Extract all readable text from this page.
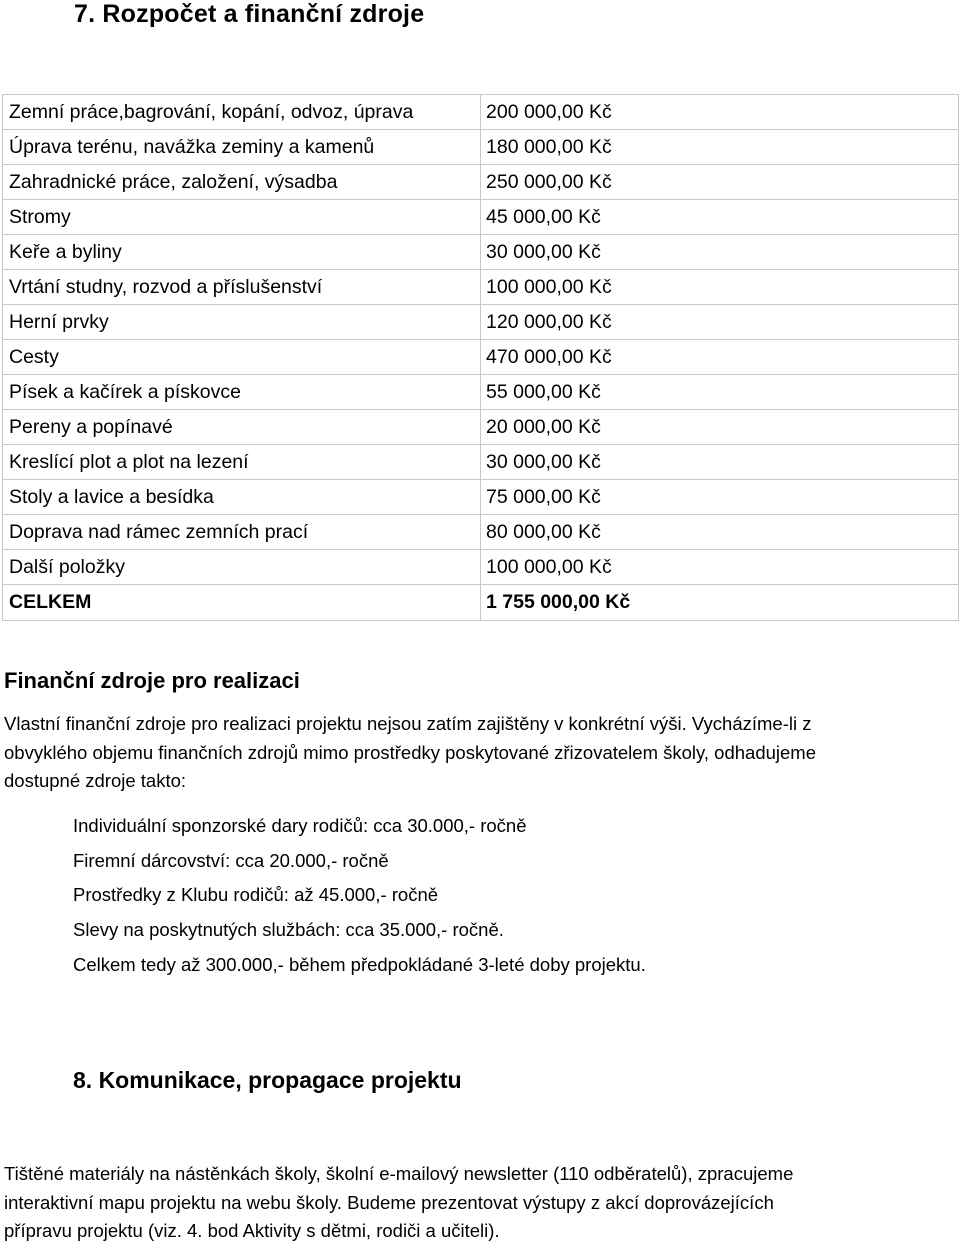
7. Rozpočet a finanční zdroje
Zemní práce,bagrování, kopání, odvoz, úprava	200 000,00 Kč
Úprava terénu, navážka zeminy a kamenů	180 000,00 Kč
Zahradnické práce, založení, výsadba	250 000,00 Kč
Stromy	45 000,00 Kč
Keře a byliny	30 000,00 Kč
Vrtání studny, rozvod a příslušenství	100 000,00 Kč
Herní prvky	120 000,00 Kč
Cesty	470 000,00 Kč
Písek a kačírek a pískovce	55 000,00 Kč
Pereny a popínavé	20 000,00 Kč
Kreslící plot a plot na lezení	30 000,00 Kč
Stoly a lavice a besídka	75 000,00 Kč
Doprava nad rámec zemních prací	80 000,00 Kč
Další položky	100 000,00 Kč
CELKEM	1 755 000,00 Kč
Finanční zdroje pro realizaci
Vlastní finanční zdroje pro realizaci projektu nejsou zatím zajištěny v konkrétní výši. Vycházíme-li z
obvyklého objemu finančních zdrojů mimo prostředky poskytované zřizovatelem školy, odhadujeme
dostupné zdroje takto:
Individuální sponzorské dary rodičů: cca 30.000,- ročně
Firemní dárcovství: cca 20.000,- ročně
Prostředky z Klubu rodičů: až 45.000,- ročně
Slevy na poskytnutých službách: cca 35.000,- ročně.
Celkem tedy až 300.000,- během předpokládané 3-leté doby projektu.
8. Komunikace, propagace projektu
Tištěné materiály na nástěnkách školy, školní e-mailový newsletter (110 odběratelů), zpracujeme
interaktivní mapu projektu na webu školy. Budeme prezentovat výstupy z akcí doprovázejících
přípravu projektu (viz. 4. bod Aktivity s dětmi, rodiči a učiteli).
